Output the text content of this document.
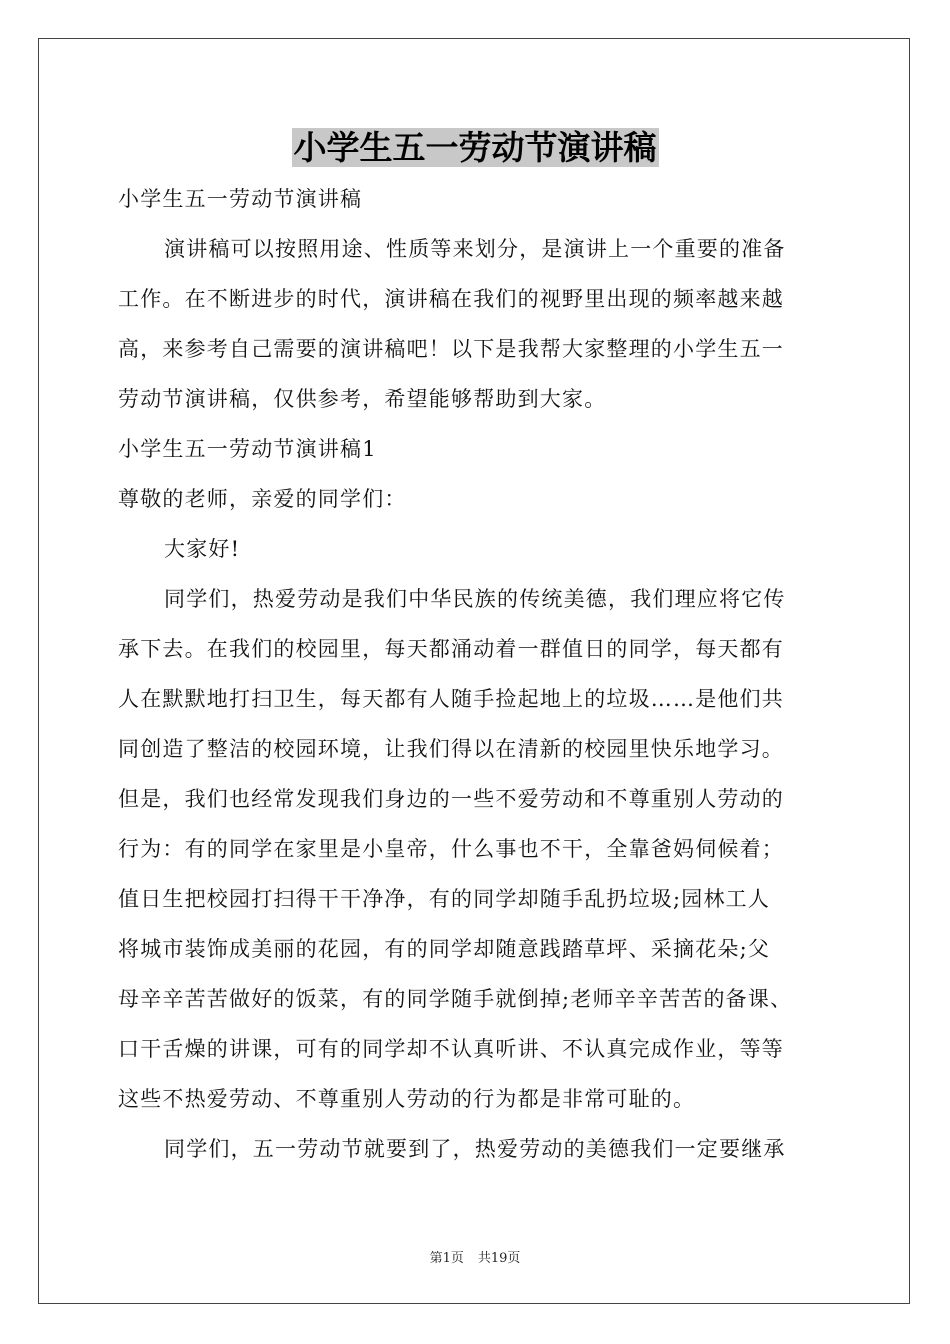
小学生五一劳动节演讲稿
小学生五一劳动节演讲稿
演讲稿可以按照用途、性质等来划分，是演讲上一个重要的准备
工作。在不断进步的时代，演讲稿在我们的视野里出现的频率越来越
高，来参考自己需要的演讲稿吧！以下是我帮大家整理的小学生五一
劳动节演讲稿，仅供参考，希望能够帮助到大家。
小学生五一劳动节演讲稿1
尊敬的老师，亲爱的同学们：
大家好!
同学们，热爱劳动是我们中华民族的传统美德，我们理应将它传
承下去。在我们的校园里，每天都涌动着一群值日的同学，每天都有
人在默默地打扫卫生，每天都有人随手捡起地上的垃圾……是他们共
同创造了整洁的校园环境，让我们得以在清新的校园里快乐地学习。
但是，我们也经常发现我们身边的一些不爱劳动和不尊重别人劳动的
行为：有的同学在家里是小皇帝，什么事也不干，全靠爸妈伺候着；
值日生把校园打扫得干干净净，有的同学却随手乱扔垃圾;园林工人
将城市装饰成美丽的花园，有的同学却随意践踏草坪、采摘花朵;父
母辛辛苦苦做好的饭菜，有的同学随手就倒掉;老师辛辛苦苦的备课、
口干舌燥的讲课，可有的同学却不认真听讲、不认真完成作业，等等
这些不热爱劳动、不尊重别人劳动的行为都是非常可耻的。
同学们，五一劳动节就要到了，热爱劳动的美德我们一定要继承
第1页 共19页
